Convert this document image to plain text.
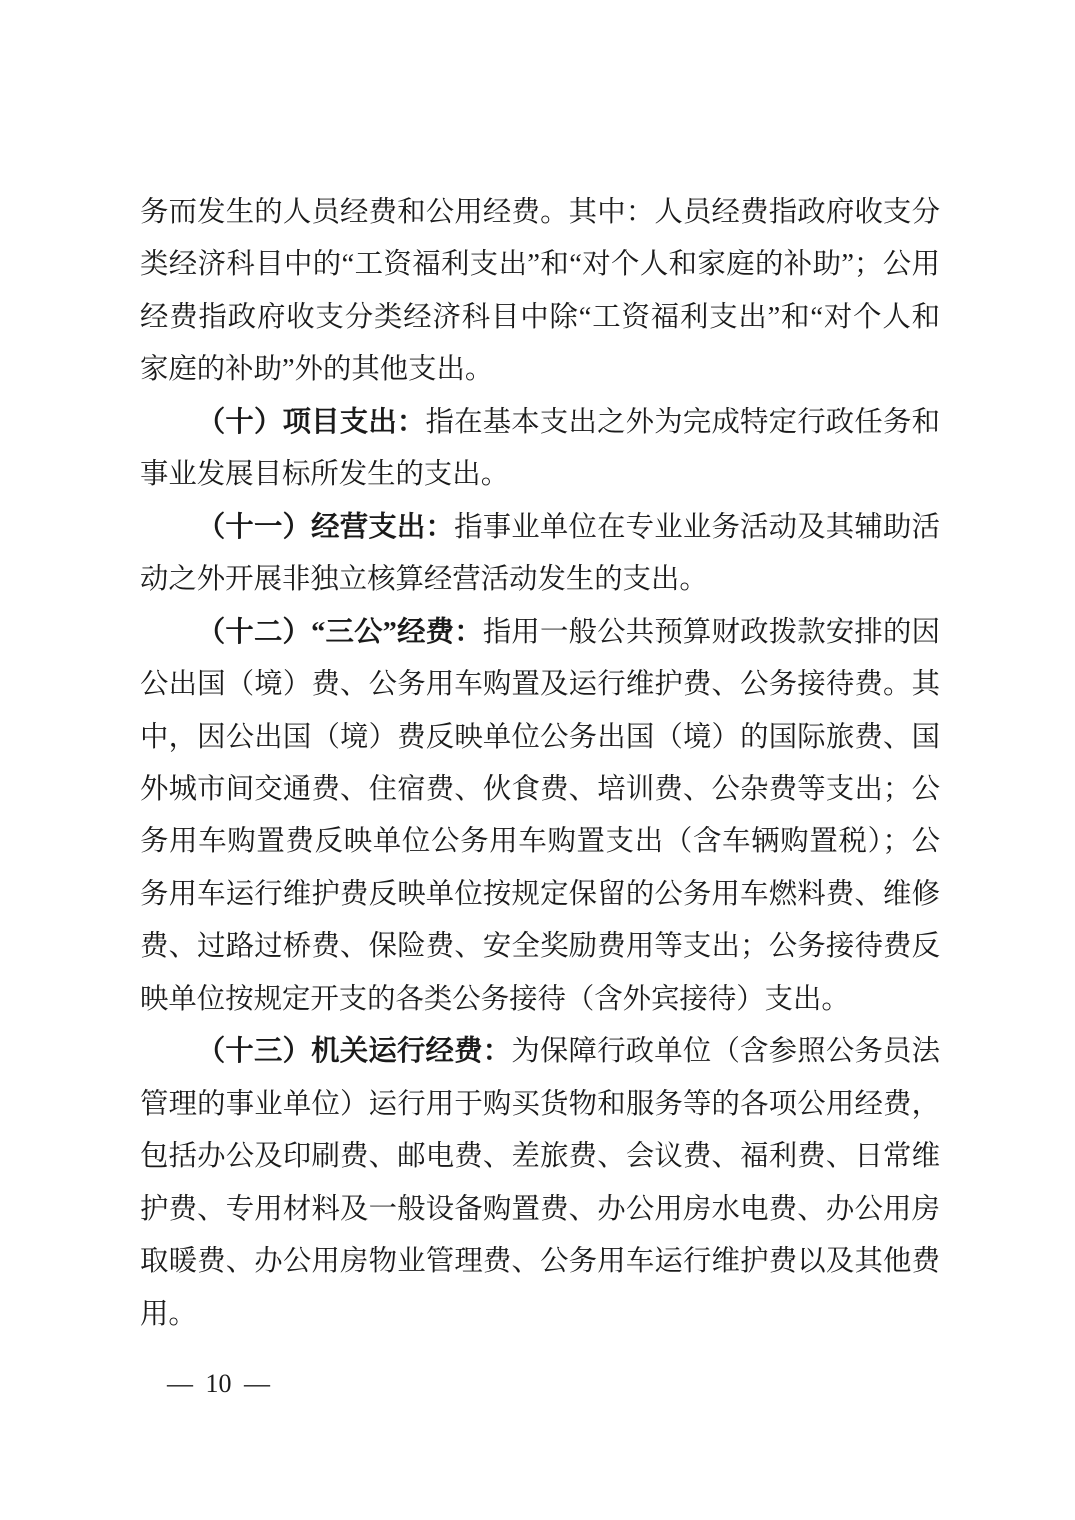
务而发生的人员经费和公用经费。其中：人员经费指政府收支分类经济科目中的“工资福利支出”和“对个人和家庭的补助”；公用经费指政府收支分类经济科目中除“工资福利支出”和“对个人和家庭的补助”外的其他支出。

（十）项目支出：指在基本支出之外为完成特定行政任务和事业发展目标所发生的支出。

（十一）经营支出：指事业单位在专业业务活动及其辅助活动之外开展非独立核算经营活动发生的支出。

（十二）“三公”经费：指用一般公共预算财政拨款安排的因公出国（境）费、公务用车购置及运行维护费、公务接待费。其中，因公出国（境）费反映单位公务出国（境）的国际旅费、国外城市间交通费、住宿费、伙食费、培训费、公杂费等支出；公务用车购置费反映单位公务用车购置支出（含车辆购置税）；公务用车运行维护费反映单位按规定保留的公务用车燃料费、维修费、过路过桥费、保险费、安全奖励费用等支出；公务接待费反映单位按规定开支的各类公务接待（含外宾接待）支出。

（十三）机关运行经费：为保障行政单位（含参照公务员法管理的事业单位）运行用于购买货物和服务等的各项公用经费，包括办公及印刷费、邮电费、差旅费、会议费、福利费、日常维护费、专用材料及一般设备购置费、办公用房水电费、办公用房取暖费、办公用房物业管理费、公务用车运行维护费以及其他费用。

— 10 —
